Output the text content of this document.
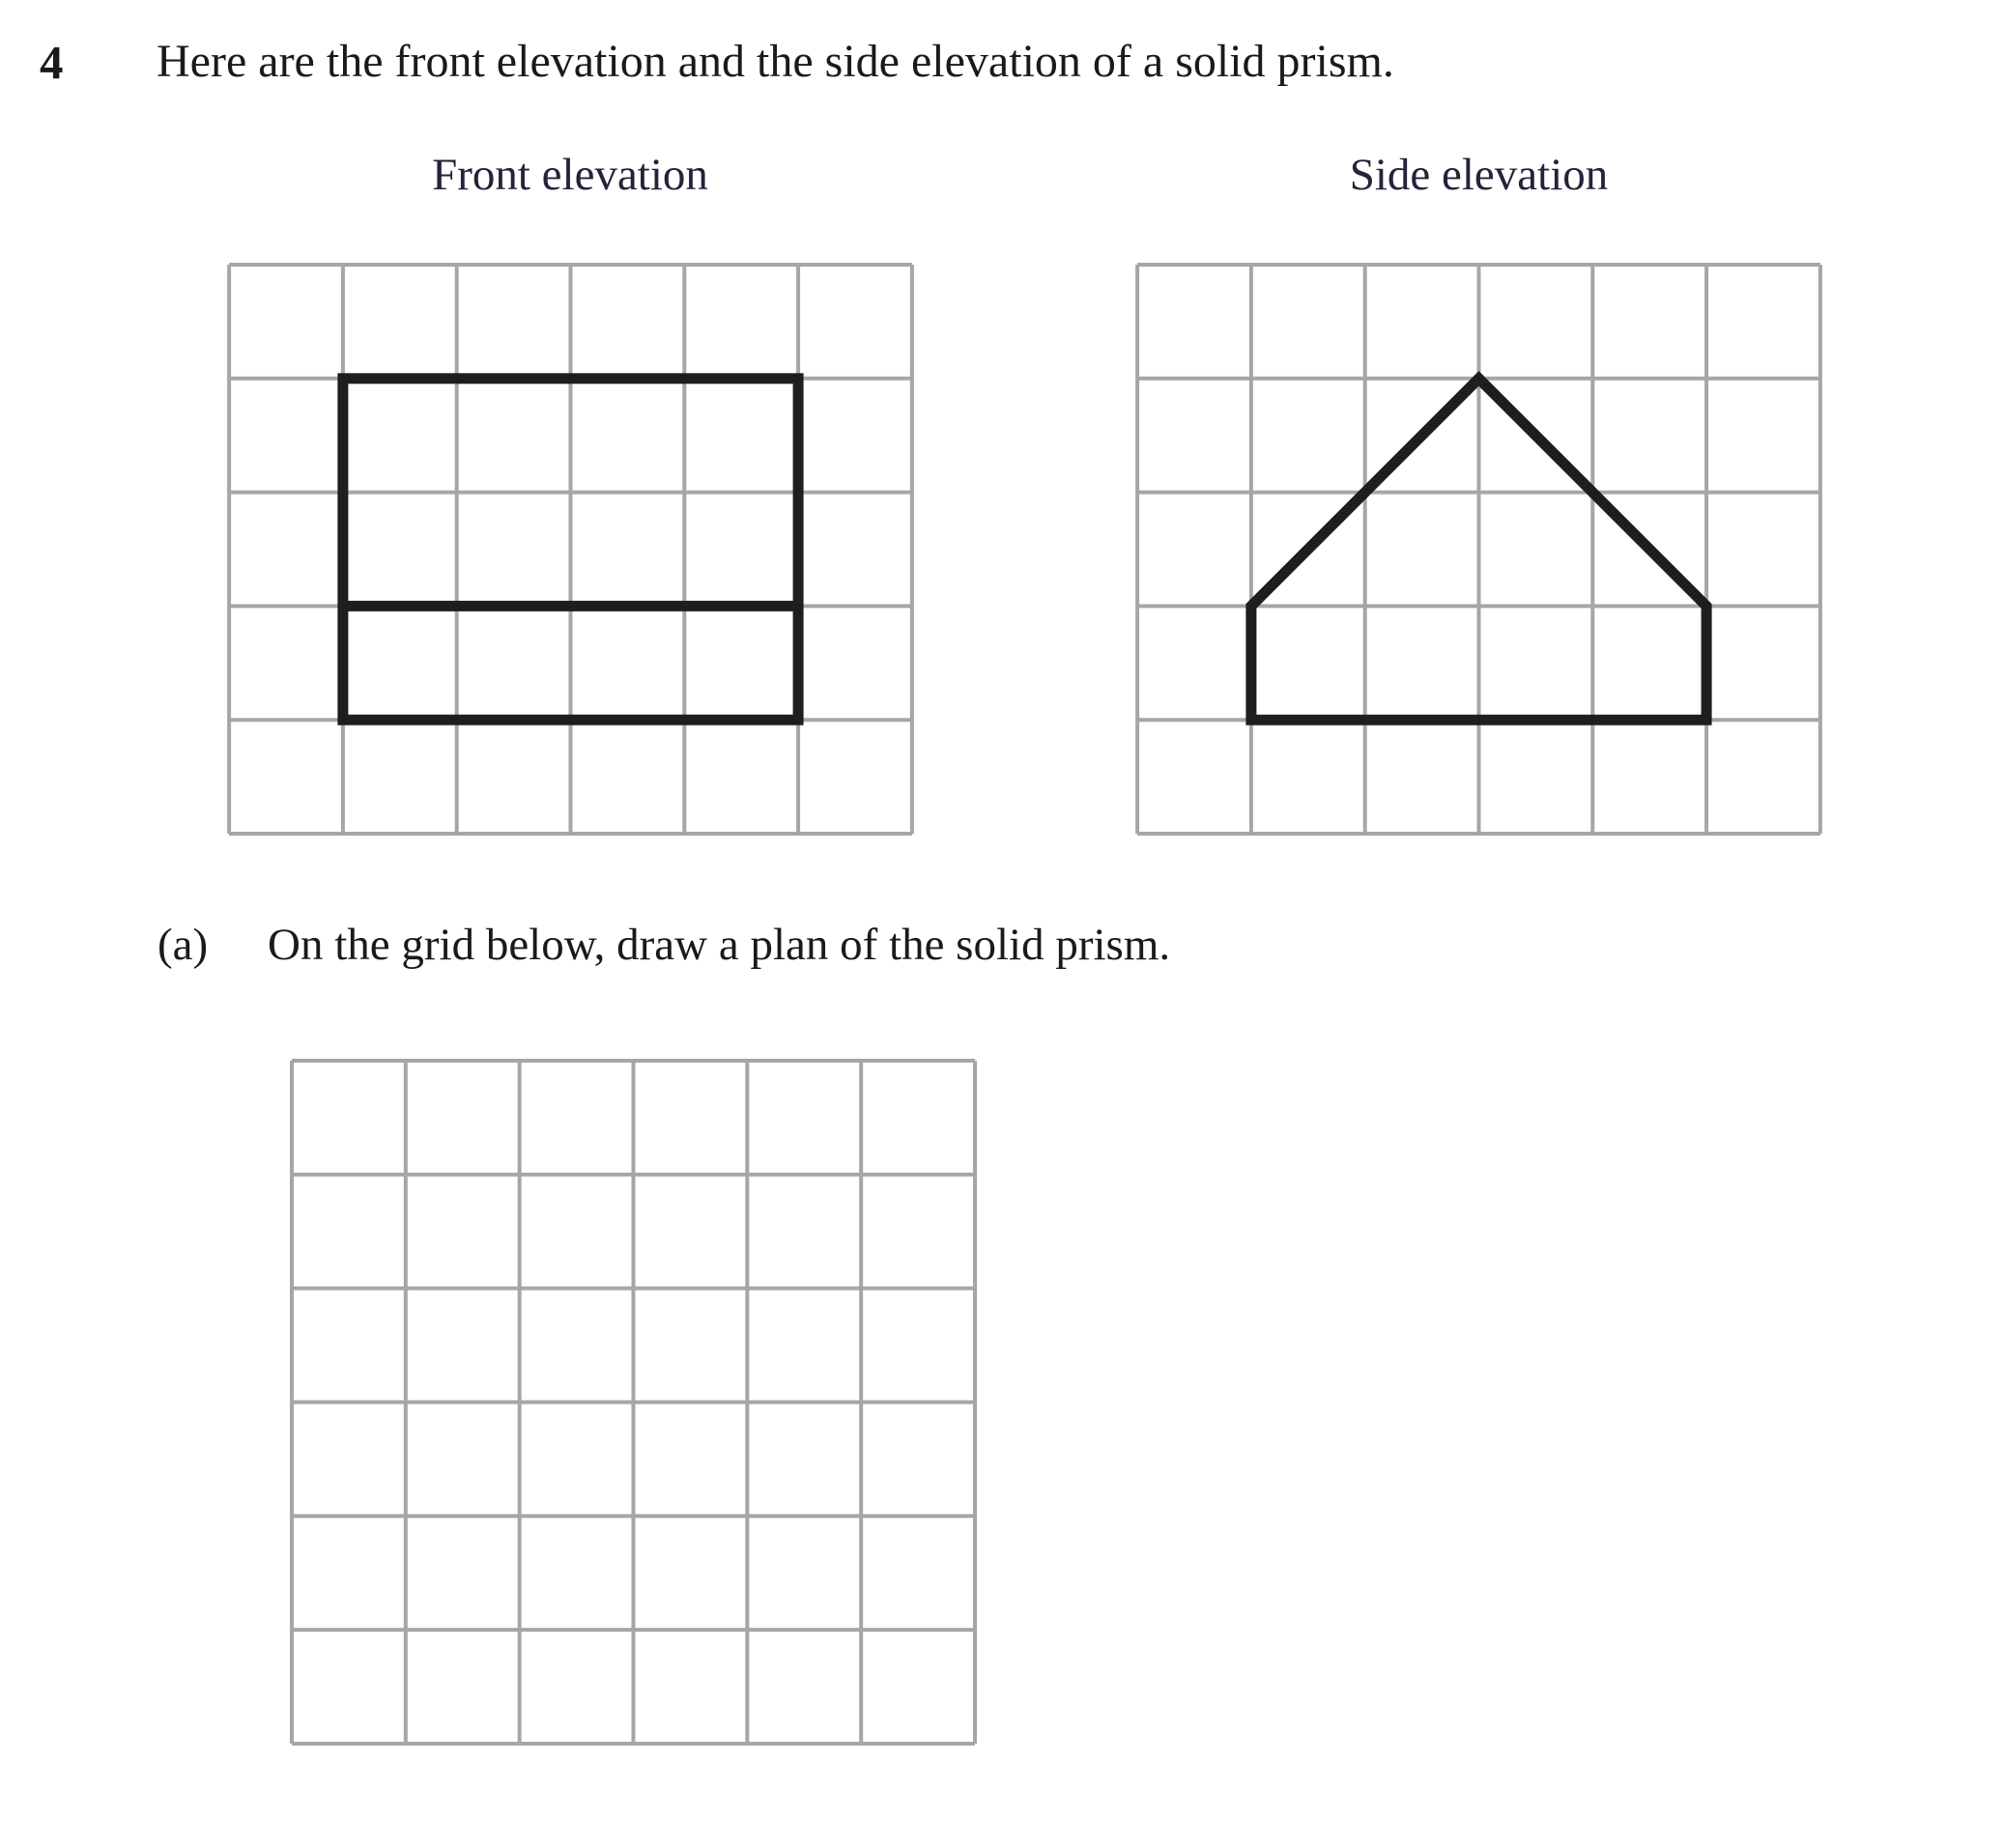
4 Here are the front elevation and the side elevation of a solid prism.
Front elevation	Side elevation
(a) On the grid below, draw a plan of the solid prism.
